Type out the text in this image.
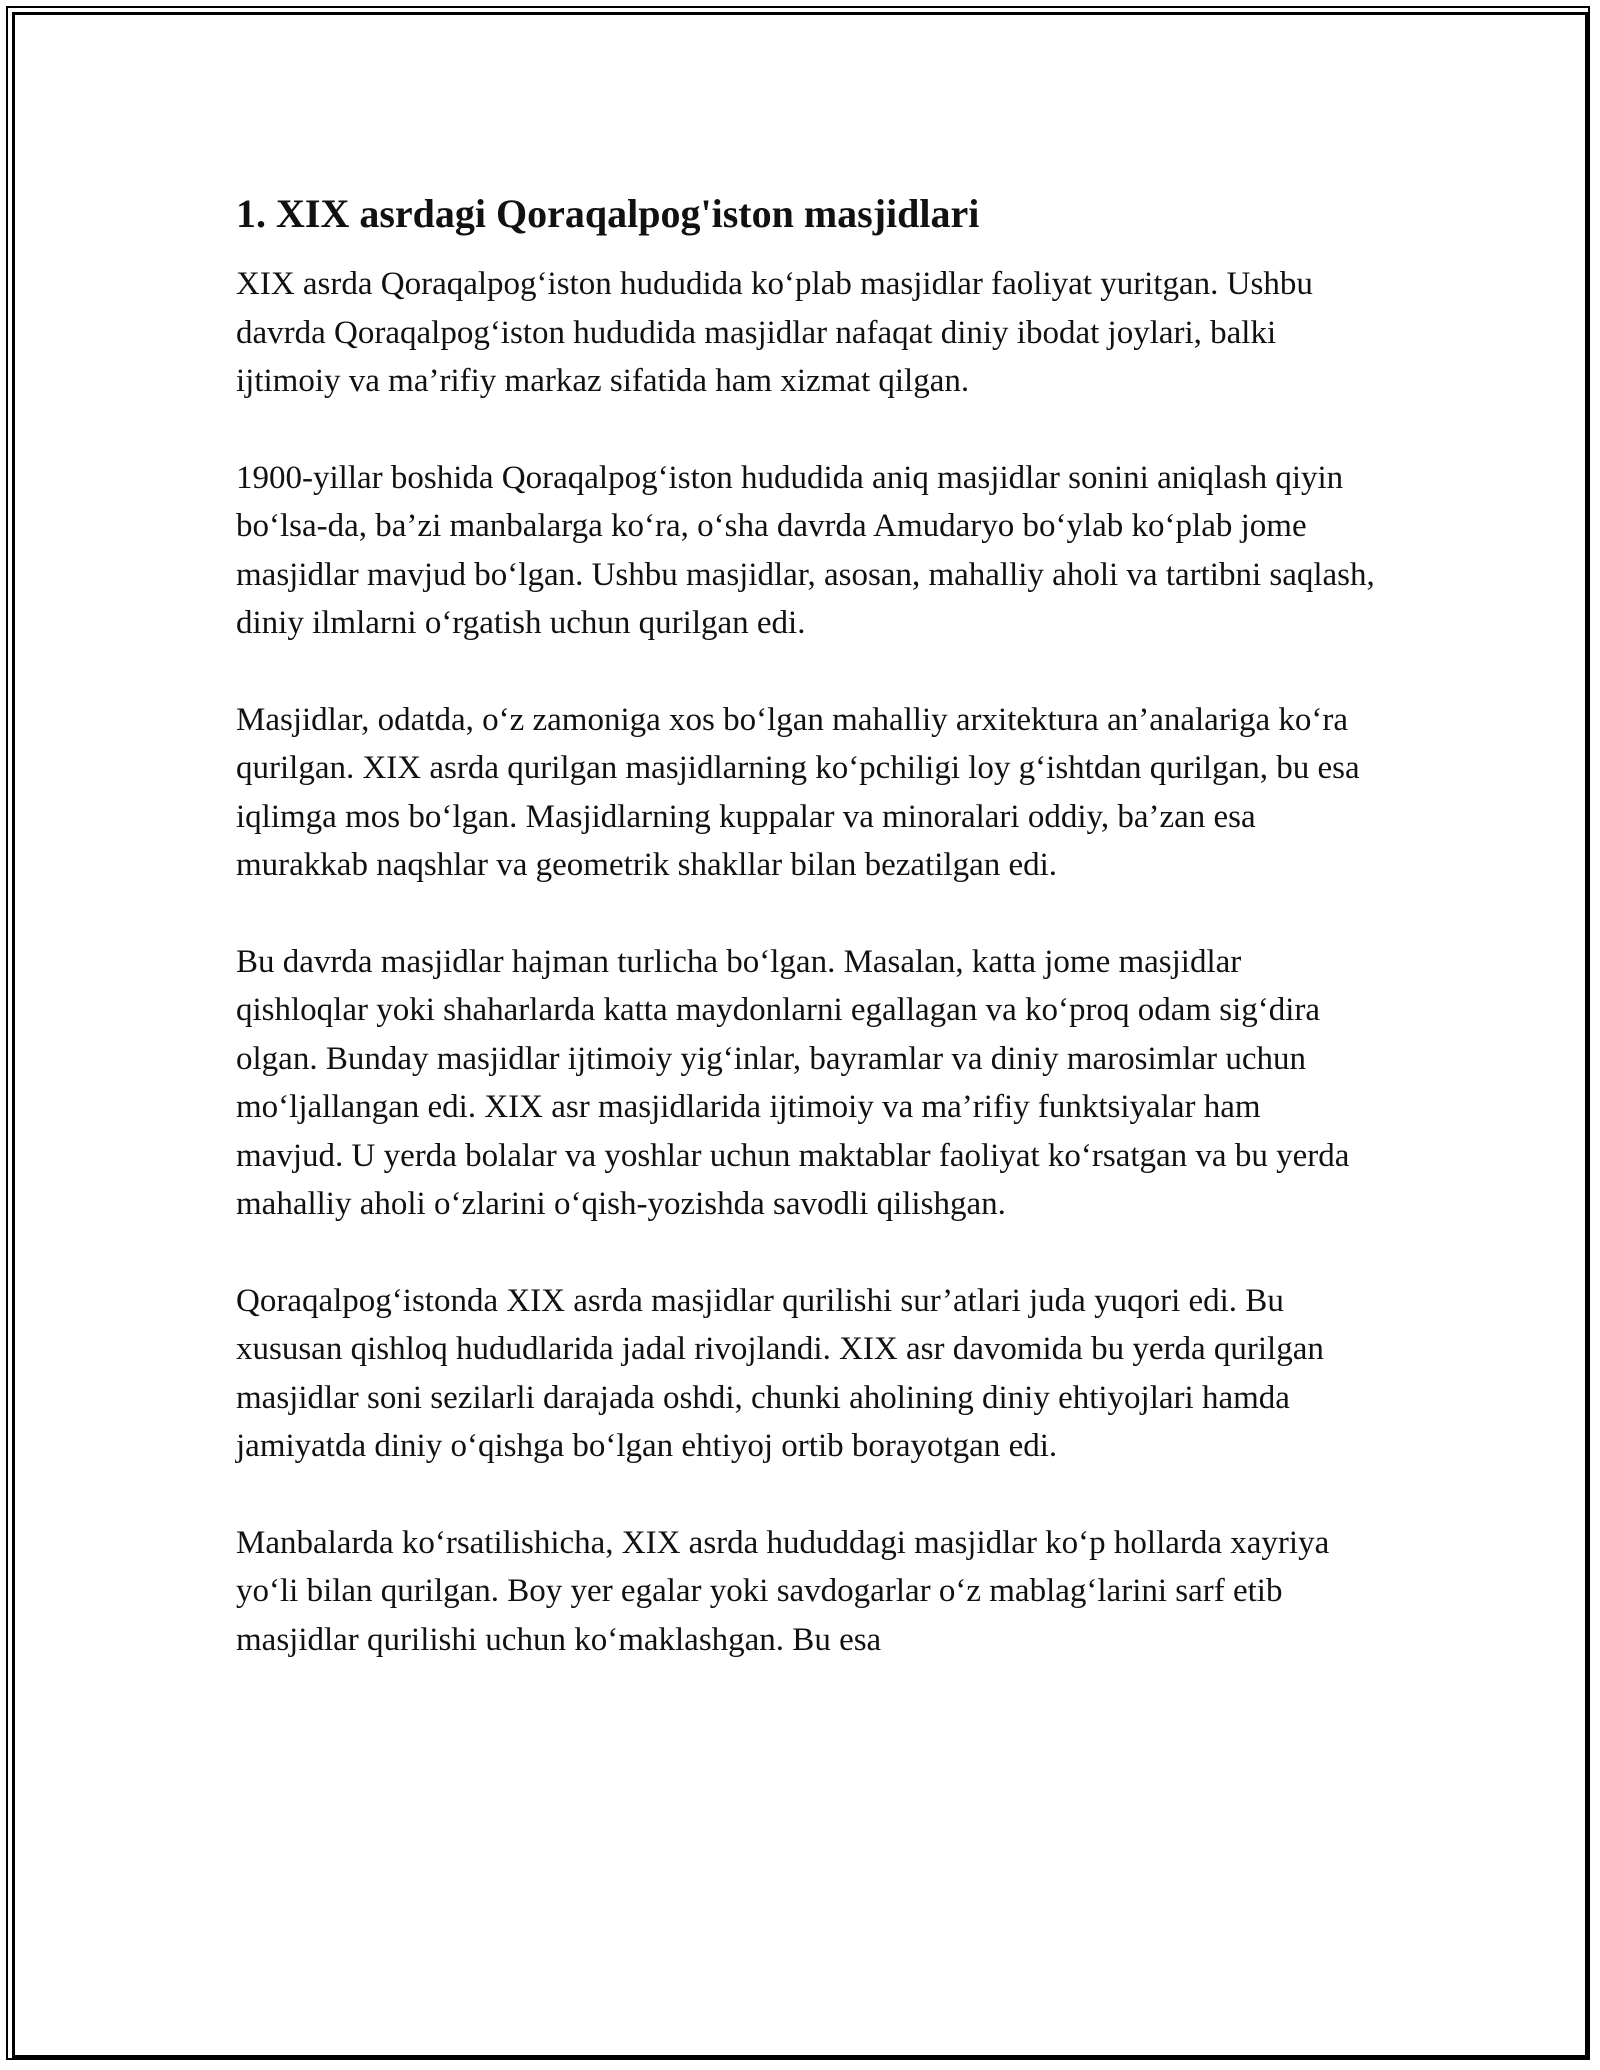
1. XIX asrdagi Qoraqalpog'iston masjidlari

XIX asrda Qoraqalpog‘iston hududida ko‘plab masjidlar faoliyat yuritgan. Ushbu davrda Qoraqalpog‘iston hududida masjidlar nafaqat diniy ibodat joylari, balki ijtimoiy va ma’rifiy markaz sifatida ham xizmat qilgan.

1900-yillar boshida Qoraqalpog‘iston hududida aniq masjidlar sonini aniqlash qiyin bo‘lsa-da, ba’zi manbalarga ko‘ra, o‘sha davrda Amudaryo bo‘ylab ko‘plab jome masjidlar mavjud bo‘lgan. Ushbu masjidlar, asosan, mahalliy aholi va tartibni saqlash, diniy ilmlarni o‘rgatish uchun qurilgan edi.

Masjidlar, odatda, o‘z zamoniga xos bo‘lgan mahalliy arxitektura an’analariga ko‘ra qurilgan. XIX asrda qurilgan masjidlarning ko‘pchiligi loy g‘ishtdan qurilgan, bu esa iqlimga mos bo‘lgan. Masjidlarning kuppalar va minoralari oddiy, ba’zan esa murakkab naqshlar va geometrik shakllar bilan bezatilgan edi.

Bu davrda masjidlar hajman turlicha bo‘lgan. Masalan, katta jome masjidlar qishloqlar yoki shaharlarda katta maydonlarni egallagan va ko‘proq odam sig‘dira olgan. Bunday masjidlar ijtimoiy yig‘inlar, bayramlar va diniy marosimlar uchun mo‘ljallangan edi. XIX asr masjidlarida ijtimoiy va ma’rifiy funktsiyalar ham mavjud. U yerda bolalar va yoshlar uchun maktablar faoliyat ko‘rsatgan va bu yerda mahalliy aholi o‘zlarini o‘qish-yozishda savodli qilishgan.

Qoraqalpog‘istonda XIX asrda masjidlar qurilishi sur’atlari juda yuqori edi. Bu xususan qishloq hududlarida jadal rivojlandi. XIX asr davomida bu yerda qurilgan masjidlar soni sezilarli darajada oshdi, chunki aholining diniy ehtiyojlari hamda jamiyatda diniy o‘qishga bo‘lgan ehtiyoj ortib borayotgan edi.

Manbalarda ko‘rsatilishicha, XIX asrda hududdagi masjidlar ko‘p hollarda xayriya yo‘li bilan qurilgan. Boy yer egalar yoki savdogarlar o‘z mablag‘larini sarf etib masjidlar qurilishi uchun ko‘maklashgan. Bu esa
